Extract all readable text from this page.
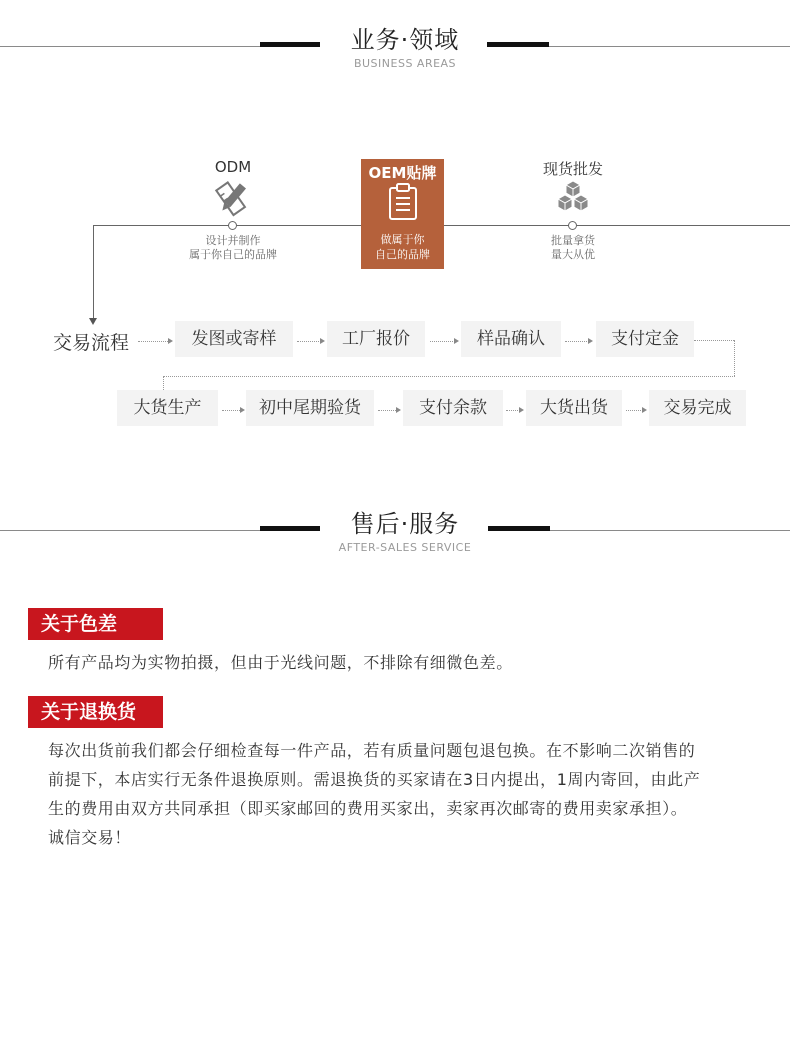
业务·领域
BUSINESS AREAS
ODM
设计并制作
属于你自己的品牌
OEM贴牌
做属于你
自己的品牌
现货批发
批量拿货
量大从优
交易流程	发图或寄样	工厂报价	样品确认	支付定金
大货生产	初中尾期验货	支付余款	大货出货	交易完成
售后·服务
AFTER-SALES SERVICE
关于色差
所有产品均为实物拍摄，但由于光线问题，不排除有细微色差。
关于退换货
每次出货前我们都会仔细检查每一件产品，若有质量问题包退包换。在不影响二次销售的
前提下，本店实行无条件退换原则。需退换货的买家请在3日内提出，1周内寄回，由此产
生的费用由双方共同承担（即买家邮回的费用买家出，卖家再次邮寄的费用卖家承担）。
诚信交易！
